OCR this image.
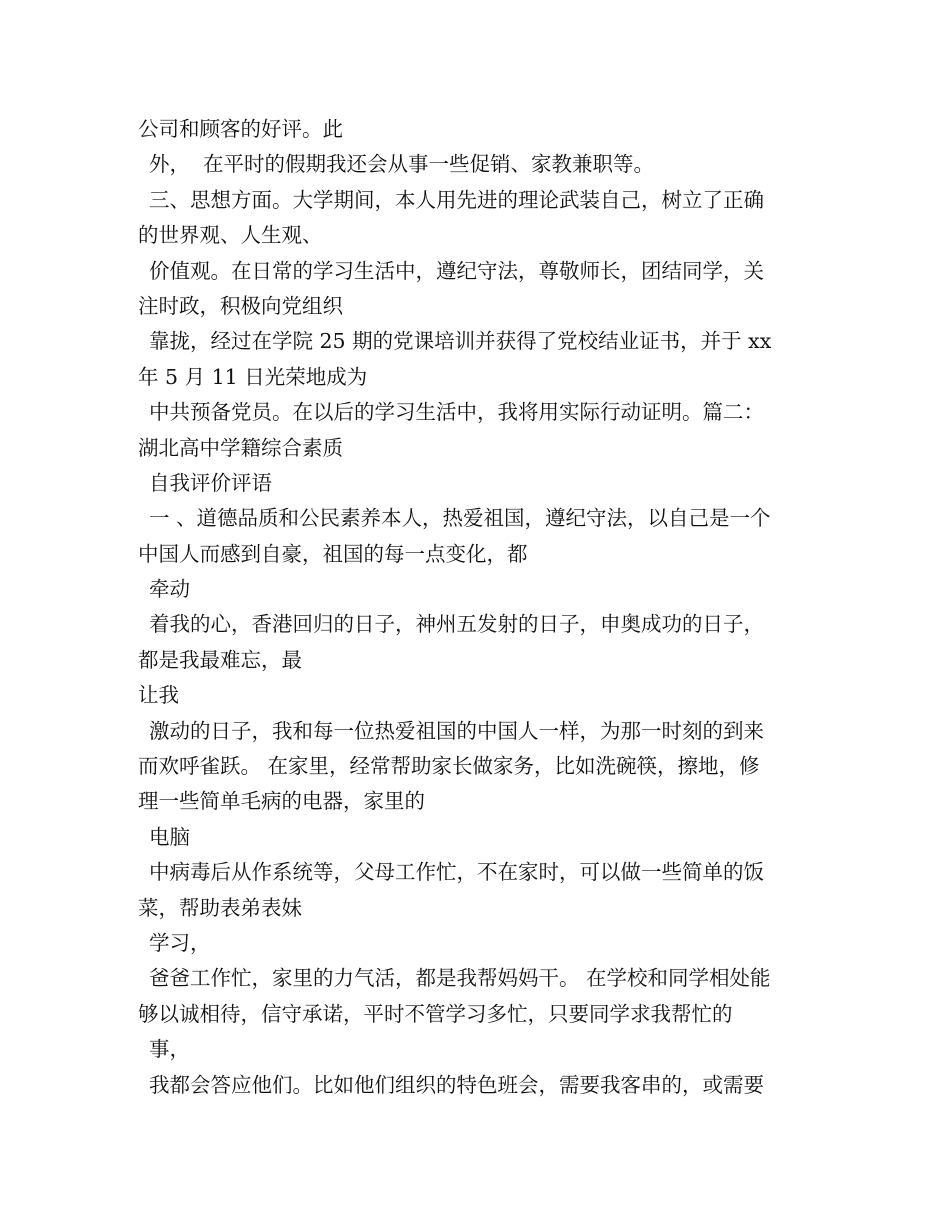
公司和顾客的好评。此
外，  在平时的假期我还会从事一些促销、家教兼职等。
三、思想方面。大学期间，本人用先进的理论武装自己，树立了正确
的世界观、人生观、
价值观。在日常的学习生活中，遵纪守法，尊敬师长，团结同学，关
注时政，积极向党组织
靠拢，经过在学院 25 期的党课培训并获得了党校结业证书，并于 xx
年 5 月 11 日光荣地成为
中共预备党员。在以后的学习生活中，我将用实际行动证明。篇二：
湖北高中学籍综合素质
自我评价评语
一 、道德品质和公民素养本人，热爱祖国，遵纪守法，以自己是一个
中国人而感到自豪，祖国的每一点变化，都
牵动
着我的心，香港回归的日子，神州五发射的日子，申奥成功的日子，
都是我最难忘，最
让我
激动的日子，我和每一位热爱祖国的中国人一样，为那一时刻的到来
而欢呼雀跃。 在家里，经常帮助家长做家务，比如洗碗筷，擦地，修
理一些简单毛病的电器，家里的
电脑
中病毒后从作系统等，父母工作忙，不在家时，可以做一些简单的饭
菜，帮助表弟表妹
学习，
爸爸工作忙，家里的力气活，都是我帮妈妈干。 在学校和同学相处能
够以诚相待，信守承诺，平时不管学习多忙，只要同学求我帮忙的
事，
我都会答应他们。比如他们组织的特色班会，需要我客串的，或需要
